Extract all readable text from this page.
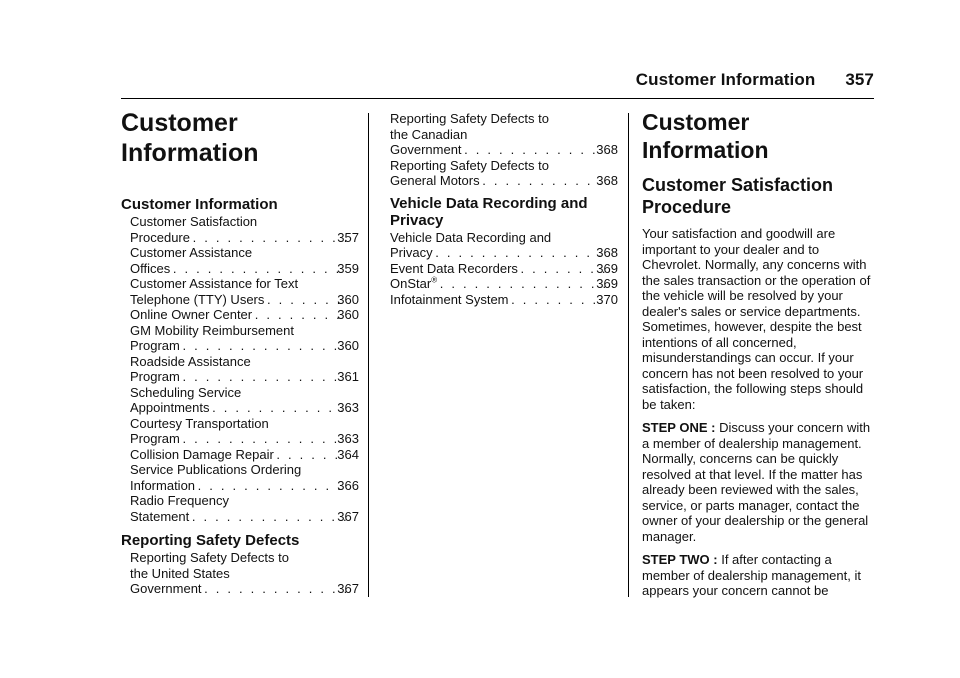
Customer Information 357
Customer Information
Customer Information
Customer Satisfaction
Procedure . . .	357
Customer Assistance
Offices . . .	359
Customer Assistance for Text
Telephone (TTY) Users . . .	360
Online Owner Center . . .	360
GM Mobility Reimbursement
Program . . .	360
Roadside Assistance
Program . . .	361
Scheduling Service
Appointments . . .	363
Courtesy Transportation
Program . . .	363
Collision Damage Repair . . .	364
Service Publications Ordering
Information . . .	366
Radio Frequency
Statement . . .	367
Reporting Safety Defects
Reporting Safety Defects to
the United States
Government . . .	367
Reporting Safety Defects to
the Canadian
Government . . .	368
Reporting Safety Defects to
General Motors . . .	368
Vehicle Data Recording and Privacy
Vehicle Data Recording and
Privacy . . .	368
Event Data Recorders . . .	369
OnStar® . . .	369
Infotainment System . . .	370
Customer Information
Customer Satisfaction Procedure

Your satisfaction and goodwill are important to your dealer and to Chevrolet. Normally, any concerns with the sales transaction or the operation of the vehicle will be resolved by your dealer's sales or service departments. Sometimes, however, despite the best intentions of all concerned, misunderstandings can occur. If your concern has not been resolved to your satisfaction, the following steps should be taken:

STEP ONE : Discuss your concern with a member of dealership management. Normally, concerns can be quickly resolved at that level. If the matter has already been reviewed with the sales, service, or parts manager, contact the owner of your dealership or the general manager.

STEP TWO : If after contacting a member of dealership management, it appears your concern cannot be
